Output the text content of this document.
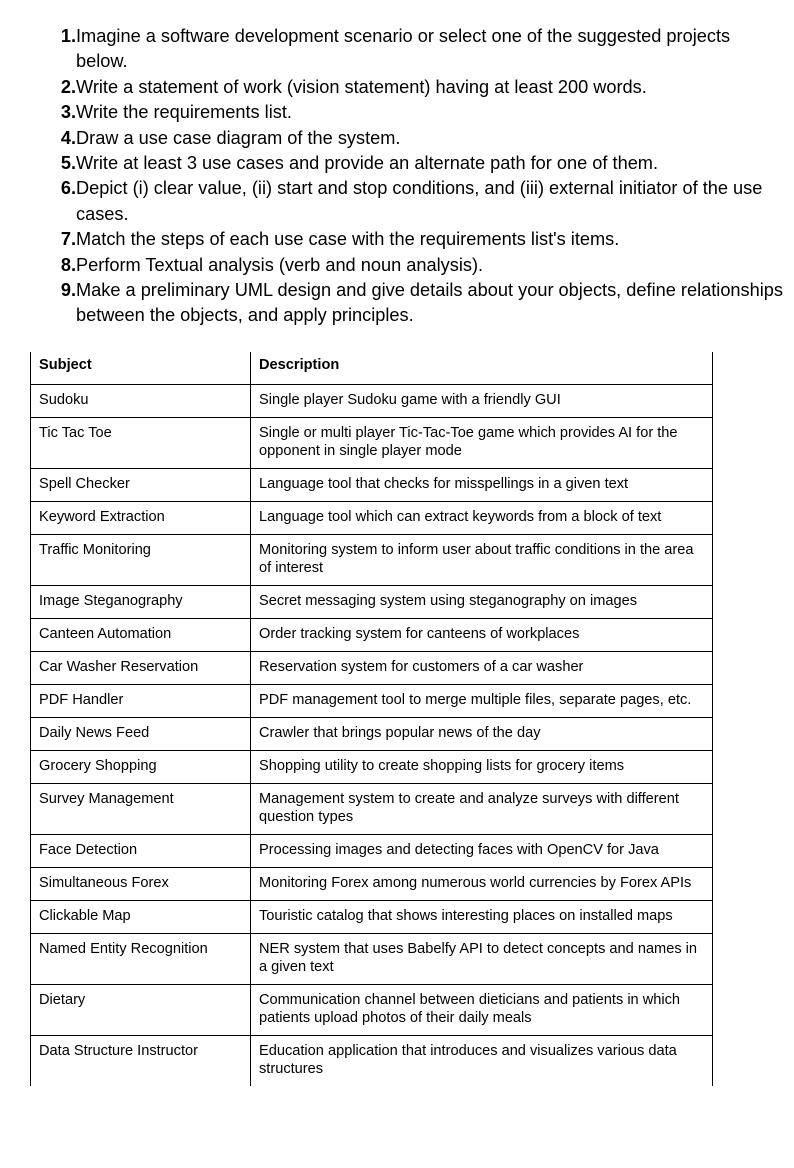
1. Imagine a software development scenario or select one of the suggested projects below.
2. Write a statement of work (vision statement) having at least 200 words.
3. Write the requirements list.
4. Draw a use case diagram of the system.
5. Write at least 3 use cases and provide an alternate path for one of them.
6. Depict (i) clear value, (ii) start and stop conditions, and (iii) external initiator of the use cases.
7. Match the steps of each use case with the requirements list's items.
8. Perform Textual analysis (verb and noun analysis).
9. Make a preliminary UML design and give details about your objects, define relationships between the objects, and apply principles.
Subject	Description
Sudoku	Single player Sudoku game with a friendly GUI
Tic Tac Toe	Single or multi player Tic-Tac-Toe game which provides AI for the opponent in single player mode
Spell Checker	Language tool that checks for misspellings in a given text
Keyword Extraction	Language tool which can extract keywords from a block of text
Traffic Monitoring	Monitoring system to inform user about traffic conditions in the area of interest
Image Steganography	Secret messaging system using steganography on images
Canteen Automation	Order tracking system for canteens of workplaces
Car Washer Reservation	Reservation system for customers of a car washer
PDF Handler	PDF management tool to merge multiple files, separate pages, etc.
Daily News Feed	Crawler that brings popular news of the day
Grocery Shopping	Shopping utility to create shopping lists for grocery items
Survey Management	Management system to create and analyze surveys with different question types
Face Detection	Processing images and detecting faces with OpenCV for Java
Simultaneous Forex	Monitoring Forex among numerous world currencies by Forex APIs
Clickable Map	Touristic catalog that shows interesting places on installed maps
Named Entity Recognition	NER system that uses Babelfy API to detect concepts and names in a given text
Dietary	Communication channel between dieticians and patients in which patients upload photos of their daily meals
Data Structure Instructor	Education application that introduces and visualizes various data structures
